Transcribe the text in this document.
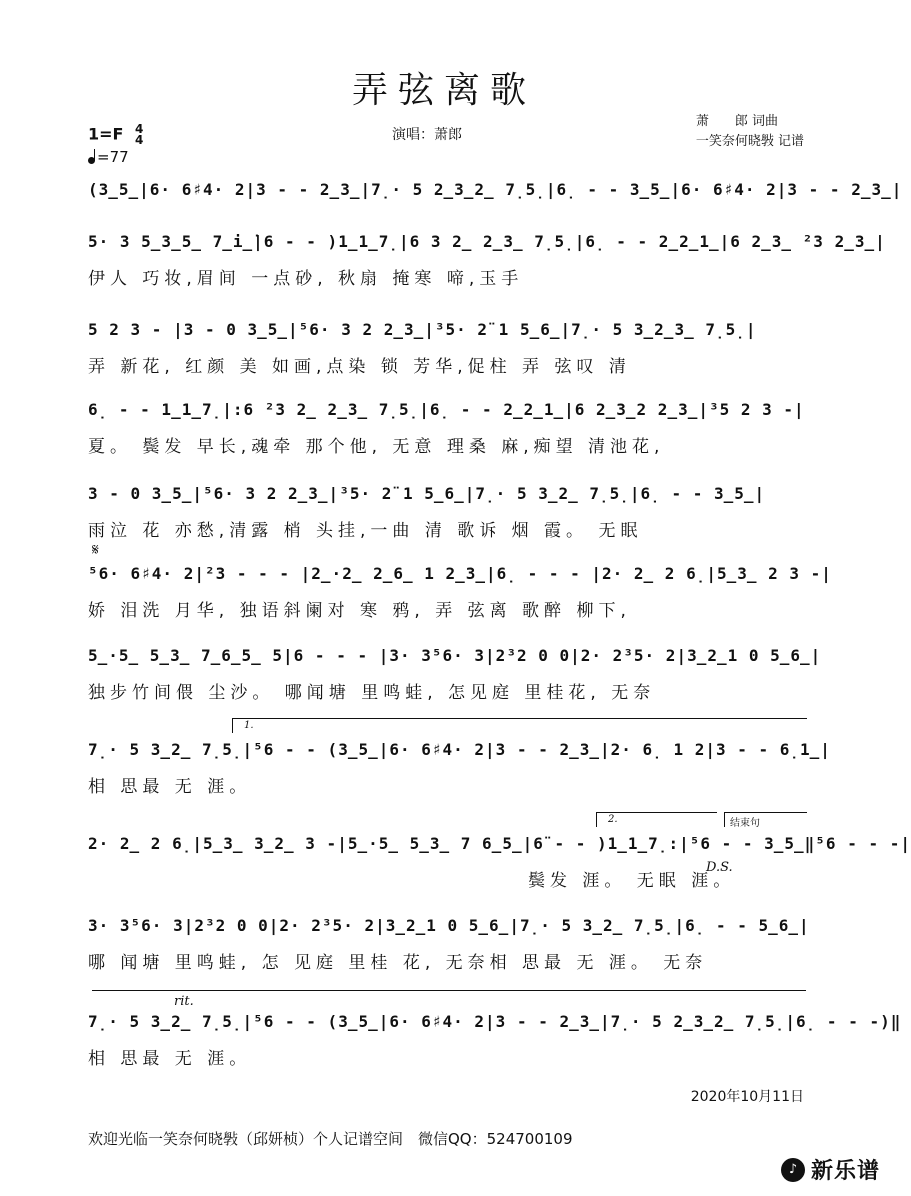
弄弦离歌
1=F 4
4
=77
演唱：萧郎
萧　　郎 词曲
一笑奈何晓斅 记谱
(3̲5̲|6· 6♯4· 2|3 - - 2̲3̲|7̣· 5 2̲3̲2̲ 7̣5̣|6̣ - - 3̲5̲|6· 6♯4· 2|3 - - 2̲3̲|
5· 3 5̲3̲5̲ 7̲i̲̇|6 - - )1̲1̲7̣|6 3 2̲ 2̲3̲ 7̣5̣|6̣ - - 2̲2̲1̲|6 2̲3̲ ²3 2̲3̲|
伊人 巧妆,眉间 一点砂, 秋扇 掩寒 啼,玉手
5 2 3 - |3 - 0 3̲5̲|⁵6· 3 2 2̲3̲|³5· 2̈ 1 5̲6̲|7̣· 5 3̲2̲3̲ 7̣5̣|
弄 新花, 红颜 美 如画,点染 锁 芳华,促柱 弄 弦叹 清
6̣ - - 1̲1̲7̣|:6 ²3 2̲ 2̲3̲ 7̣5̣|6̣ - - 2̲2̲1̲|6 2̲3̲2 2̲3̲|³5 2 3 -|
夏。 鬓发 早长,魂牵 那个他, 无意 理桑 麻,痴望 清池花,
3 - 0 3̲5̲|⁵6· 3 2 2̲3̲|³5· 2̈ 1 5̲6̲|7̣· 5 3̲2̲ 7̣5̣|6̣ - - 3̲5̲|
雨泣 花 亦愁,清露 梢 头挂,一曲 清 歌诉 烟 霞。 无眠
𝄋
⁵6· 6♯4· 2|²3 - - - |2̲·2̲ 2̲6̲ 1 2̲3̲|6̣ - - - |2· 2̲ 2 6̣|5̲3̲ 2 3 -|
娇 泪洗 月华, 独语斜阑对 寒 鸦, 弄 弦离 歌醉 柳下,
5̲·5̲ 5̲3̲ 7̲6̲5̲ 5|6 - - - |3· 3⁵6· 3|2³2 0 0|2· 2³5· 2|3̲2̲1 0 5̲6̲|
独步竹间偎 尘沙。 哪闻塘 里鸣蛙, 怎见庭 里桂花, 无奈
1.
7̣· 5 3̲2̲ 7̣5̣|⁵6 - - (3̲5̲|6· 6♯4· 2|3 - - 2̲3̲|2· 6̣ 1 2|3 - - 6̣1̲|
相 思最 无 涯。
2.	结束句
2· 2̲ 2 6̣|5̲3̲ 3̲2̲ 3 -|5̲·5̲ 5̲3̲ 7 6̲5̲|6̈ - - )1̲1̲7̣:|⁵6 - - 3̲5̲‖⁵6 - - -|
鬓发 涯。 无眠 涯。
D.S.
3· 3⁵6· 3|2³2 0 0|2· 2³5· 2|3̲2̲1 0 5̲6̲|7̣· 5 3̲2̲ 7̣5̣|6̣ - - 5̲6̲|
哪 闻塘 里鸣蛙, 怎 见庭 里桂 花, 无奈相 思最 无 涯。 无奈
rit.
7̣· 5 3̲2̲ 7̣5̣|⁵6 - - (3̲5̲|6· 6♯4· 2|3 - - 2̲3̲|7̣· 5 2̲3̲2̲ 7̣5̣|6̣ - - -)‖
相 思最 无 涯。
2020年10月11日
欢迎光临一笑奈何晓斅（邱妍桢）个人记谱空间　微信QQ：524700109
♪ 新乐谱
